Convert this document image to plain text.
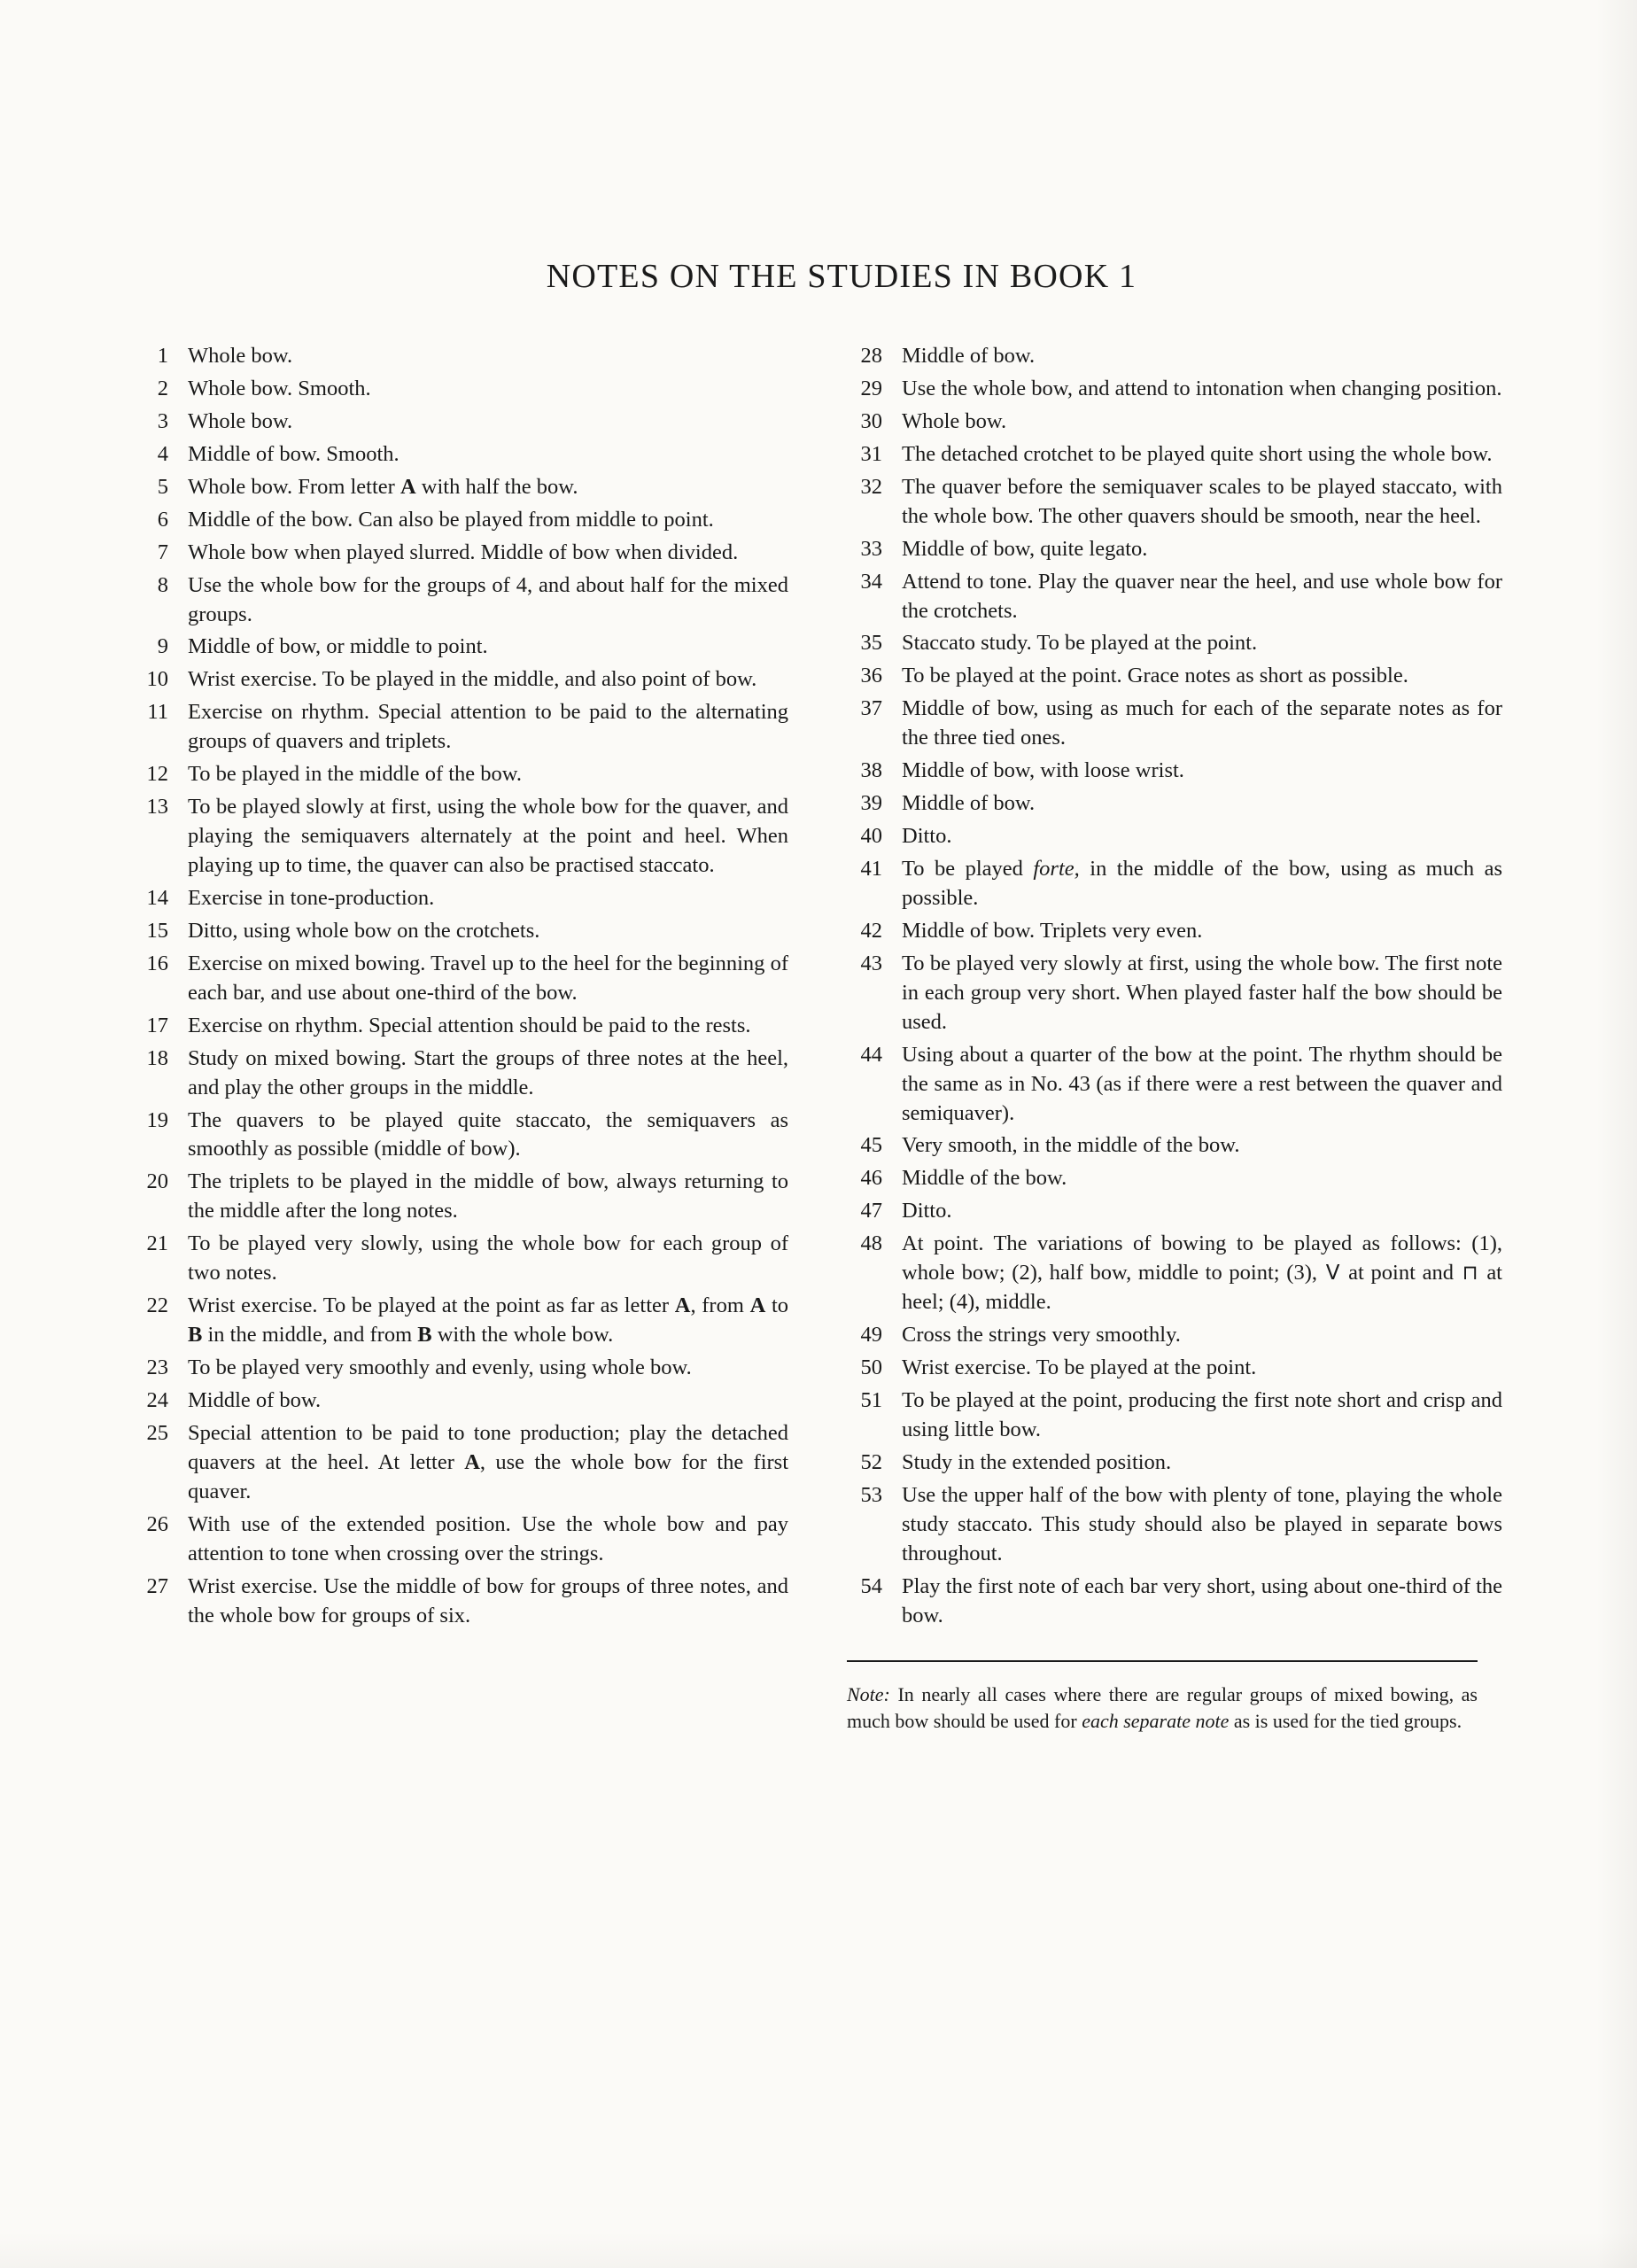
NOTES ON THE STUDIES IN BOOK 1
1 Whole bow.
2 Whole bow. Smooth.
3 Whole bow.
4 Middle of bow. Smooth.
5 Whole bow. From letter A with half the bow.
6 Middle of the bow. Can also be played from middle to point.
7 Whole bow when played slurred. Middle of bow when divided.
8 Use the whole bow for the groups of 4, and about half for the mixed groups.
9 Middle of bow, or middle to point.
10 Wrist exercise. To be played in the middle, and also point of bow.
11 Exercise on rhythm. Special attention to be paid to the alternating groups of quavers and triplets.
12 To be played in the middle of the bow.
13 To be played slowly at first, using the whole bow for the quaver, and playing the semiquavers alternately at the point and heel. When playing up to time, the quaver can also be practised staccato.
14 Exercise in tone-production.
15 Ditto, using whole bow on the crotchets.
16 Exercise on mixed bowing. Travel up to the heel for the beginning of each bar, and use about one-third of the bow.
17 Exercise on rhythm. Special attention should be paid to the rests.
18 Study on mixed bowing. Start the groups of three notes at the heel, and play the other groups in the middle.
19 The quavers to be played quite staccato, the semiquavers as smoothly as possible (middle of bow).
20 The triplets to be played in the middle of bow, always returning to the middle after the long notes.
21 To be played very slowly, using the whole bow for each group of two notes.
22 Wrist exercise. To be played at the point as far as letter A, from A to B in the middle, and from B with the whole bow.
23 To be played very smoothly and evenly, using whole bow.
24 Middle of bow.
25 Special attention to be paid to tone production; play the detached quavers at the heel. At letter A, use the whole bow for the first quaver.
26 With use of the extended position. Use the whole bow and pay attention to tone when crossing over the strings.
27 Wrist exercise. Use the middle of bow for groups of three notes, and the whole bow for groups of six.
28 Middle of bow.
29 Use the whole bow, and attend to intonation when changing position.
30 Whole bow.
31 The detached crotchet to be played quite short using the whole bow.
32 The quaver before the semiquaver scales to be played staccato, with the whole bow. The other quavers should be smooth, near the heel.
33 Middle of bow, quite legato.
34 Attend to tone. Play the quaver near the heel, and use whole bow for the crotchets.
35 Staccato study. To be played at the point.
36 To be played at the point. Grace notes as short as possible.
37 Middle of bow, using as much for each of the separate notes as for the three tied ones.
38 Middle of bow, with loose wrist.
39 Middle of bow.
40 Ditto.
41 To be played forte, in the middle of the bow, using as much as possible.
42 Middle of bow. Triplets very even.
43 To be played very slowly at first, using the whole bow. The first note in each group very short. When played faster half the bow should be used.
44 Using about a quarter of the bow at the point. The rhythm should be the same as in No. 43 (as if there were a rest between the quaver and semiquaver).
45 Very smooth, in the middle of the bow.
46 Middle of the bow.
47 Ditto.
48 At point. The variations of bowing to be played as follows: (1), whole bow; (2), half bow, middle to point; (3), V at point and ⊓ at heel; (4), middle.
49 Cross the strings very smoothly.
50 Wrist exercise. To be played at the point.
51 To be played at the point, producing the first note short and crisp and using little bow.
52 Study in the extended position.
53 Use the upper half of the bow with plenty of tone, playing the whole study staccato. This study should also be played in separate bows throughout.
54 Play the first note of each bar very short, using about one-third of the bow.

Note: In nearly all cases where there are regular groups of mixed bowing, as much bow should be used for each separate note as is used for the tied groups.
